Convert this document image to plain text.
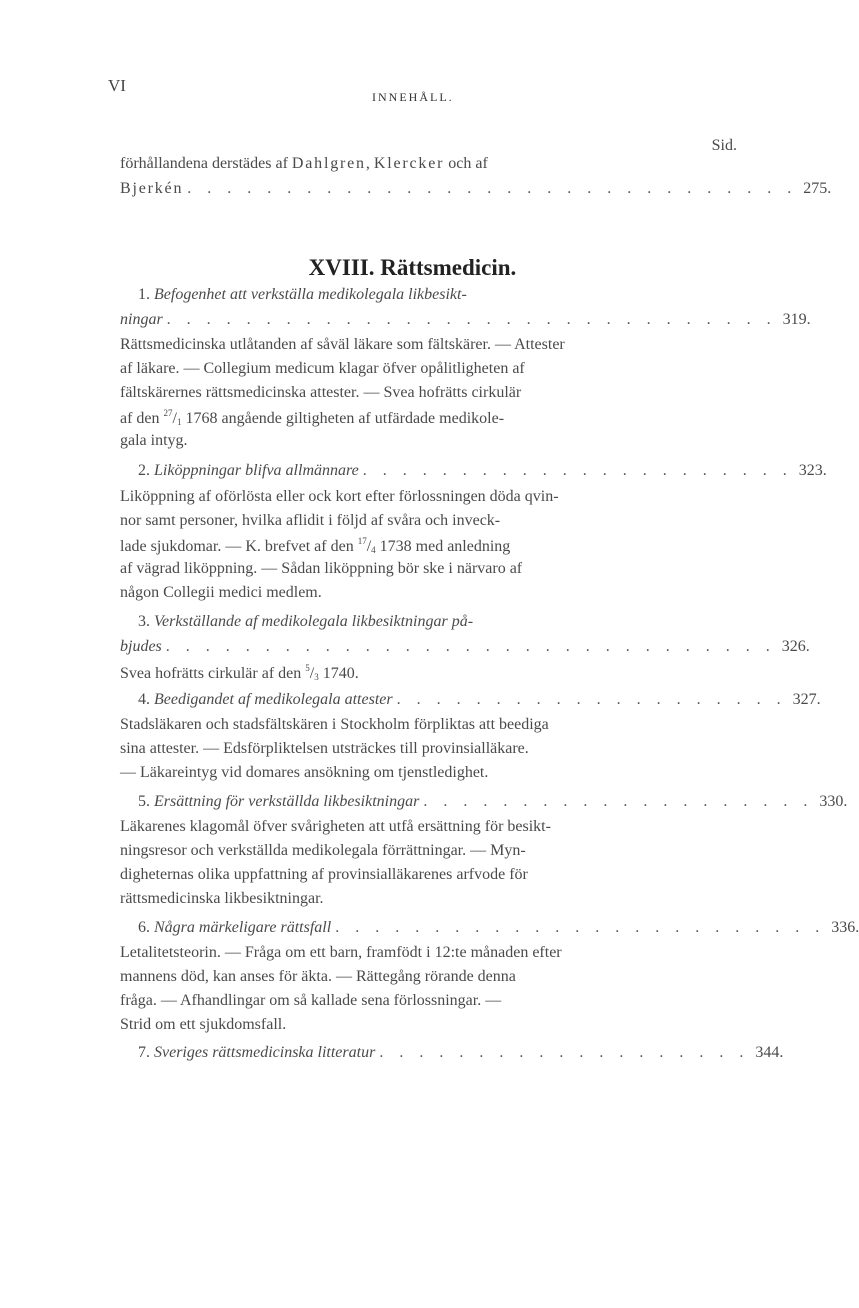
VI
INNEHÅLL.
Sid.
förhållandena derstädes af Dahlgren, Klercker och af
Bjerkén . . . . . . . . . . . . . . . . . . . . . . . . . . . . . . . 275.
XVIII. Rättsmedicin.
1. Befogenhet att verkställa medikolegala likbesikt-
ningar . . . . . . . . . . . . . . . . . . . . . . . . . . . . . . . 319.
Rättsmedicinska utlåtanden af såväl läkare som fältskärer. — Attester
af läkare. — Collegium medicum klagar öfver opålitligheten af
fältskärernes rättsmedicinska attester. — Svea hofrätts cirkulär
af den $^{27}/_1$ 1768 angående giltigheten af utfärdade medikole-
gala intyg.
2. Liköppningar blifva allmännare . . . . . . . . . . . . . . . . . . . . . . 323.
Liköppning af oförlösta eller ock kort efter förlossningen döda qvin-
nor samt personer, hvilka aflidit i följd af svåra och inveck-
lade sjukdomar. — K. brefvet af den $^{17}/_4$ 1738 med anledning
af vägrad liköppning. — Sådan liköppning bör ske i närvaro af
någon Collegii medici medlem.
3. Verkställande af medikolegala likbesiktningar på-
bjudes . . . . . . . . . . . . . . . . . . . . . . . . . . . . . . . 326.
Svea hofrätts cirkulär af den $^5/_3$ 1740.
4. Beedigandet af medikolegala attester . . . . . . . . . . . . . . . . . . . . 327.
Stadsläkaren och stadsfältskären i Stockholm förpliktas att beediga
sina attester. — Edsförpliktelsen utsträckes till provinsialläkare.
— Läkareintyg vid domares ansökning om tjenstledighet.
5. Ersättning för verkställda likbesiktningar . . . . . . . . . . . . . . . . . . . . 330.
Läkarenes klagomål öfver svårigheten att utfå ersättning för besikt-
ningsresor och verkställda medikolegala förrättningar. — Myn-
digheternas olika uppfattning af provinsialläkarenes arfvode för
rättsmedicinska likbesiktningar.
6. Några märkeligare rättsfall . . . . . . . . . . . . . . . . . . . . . . . . . 336.
Letalitetsteorin. — Fråga om ett barn, framfödt i 12:te månaden efter
mannens död, kan anses för äkta. — Rättegång rörande denna
fråga. — Afhandlingar om så kallade sena förlossningar. —
Strid om ett sjukdomsfall.
7. Sveriges rättsmedicinska litteratur . . . . . . . . . . . . . . . . . . . 344.
